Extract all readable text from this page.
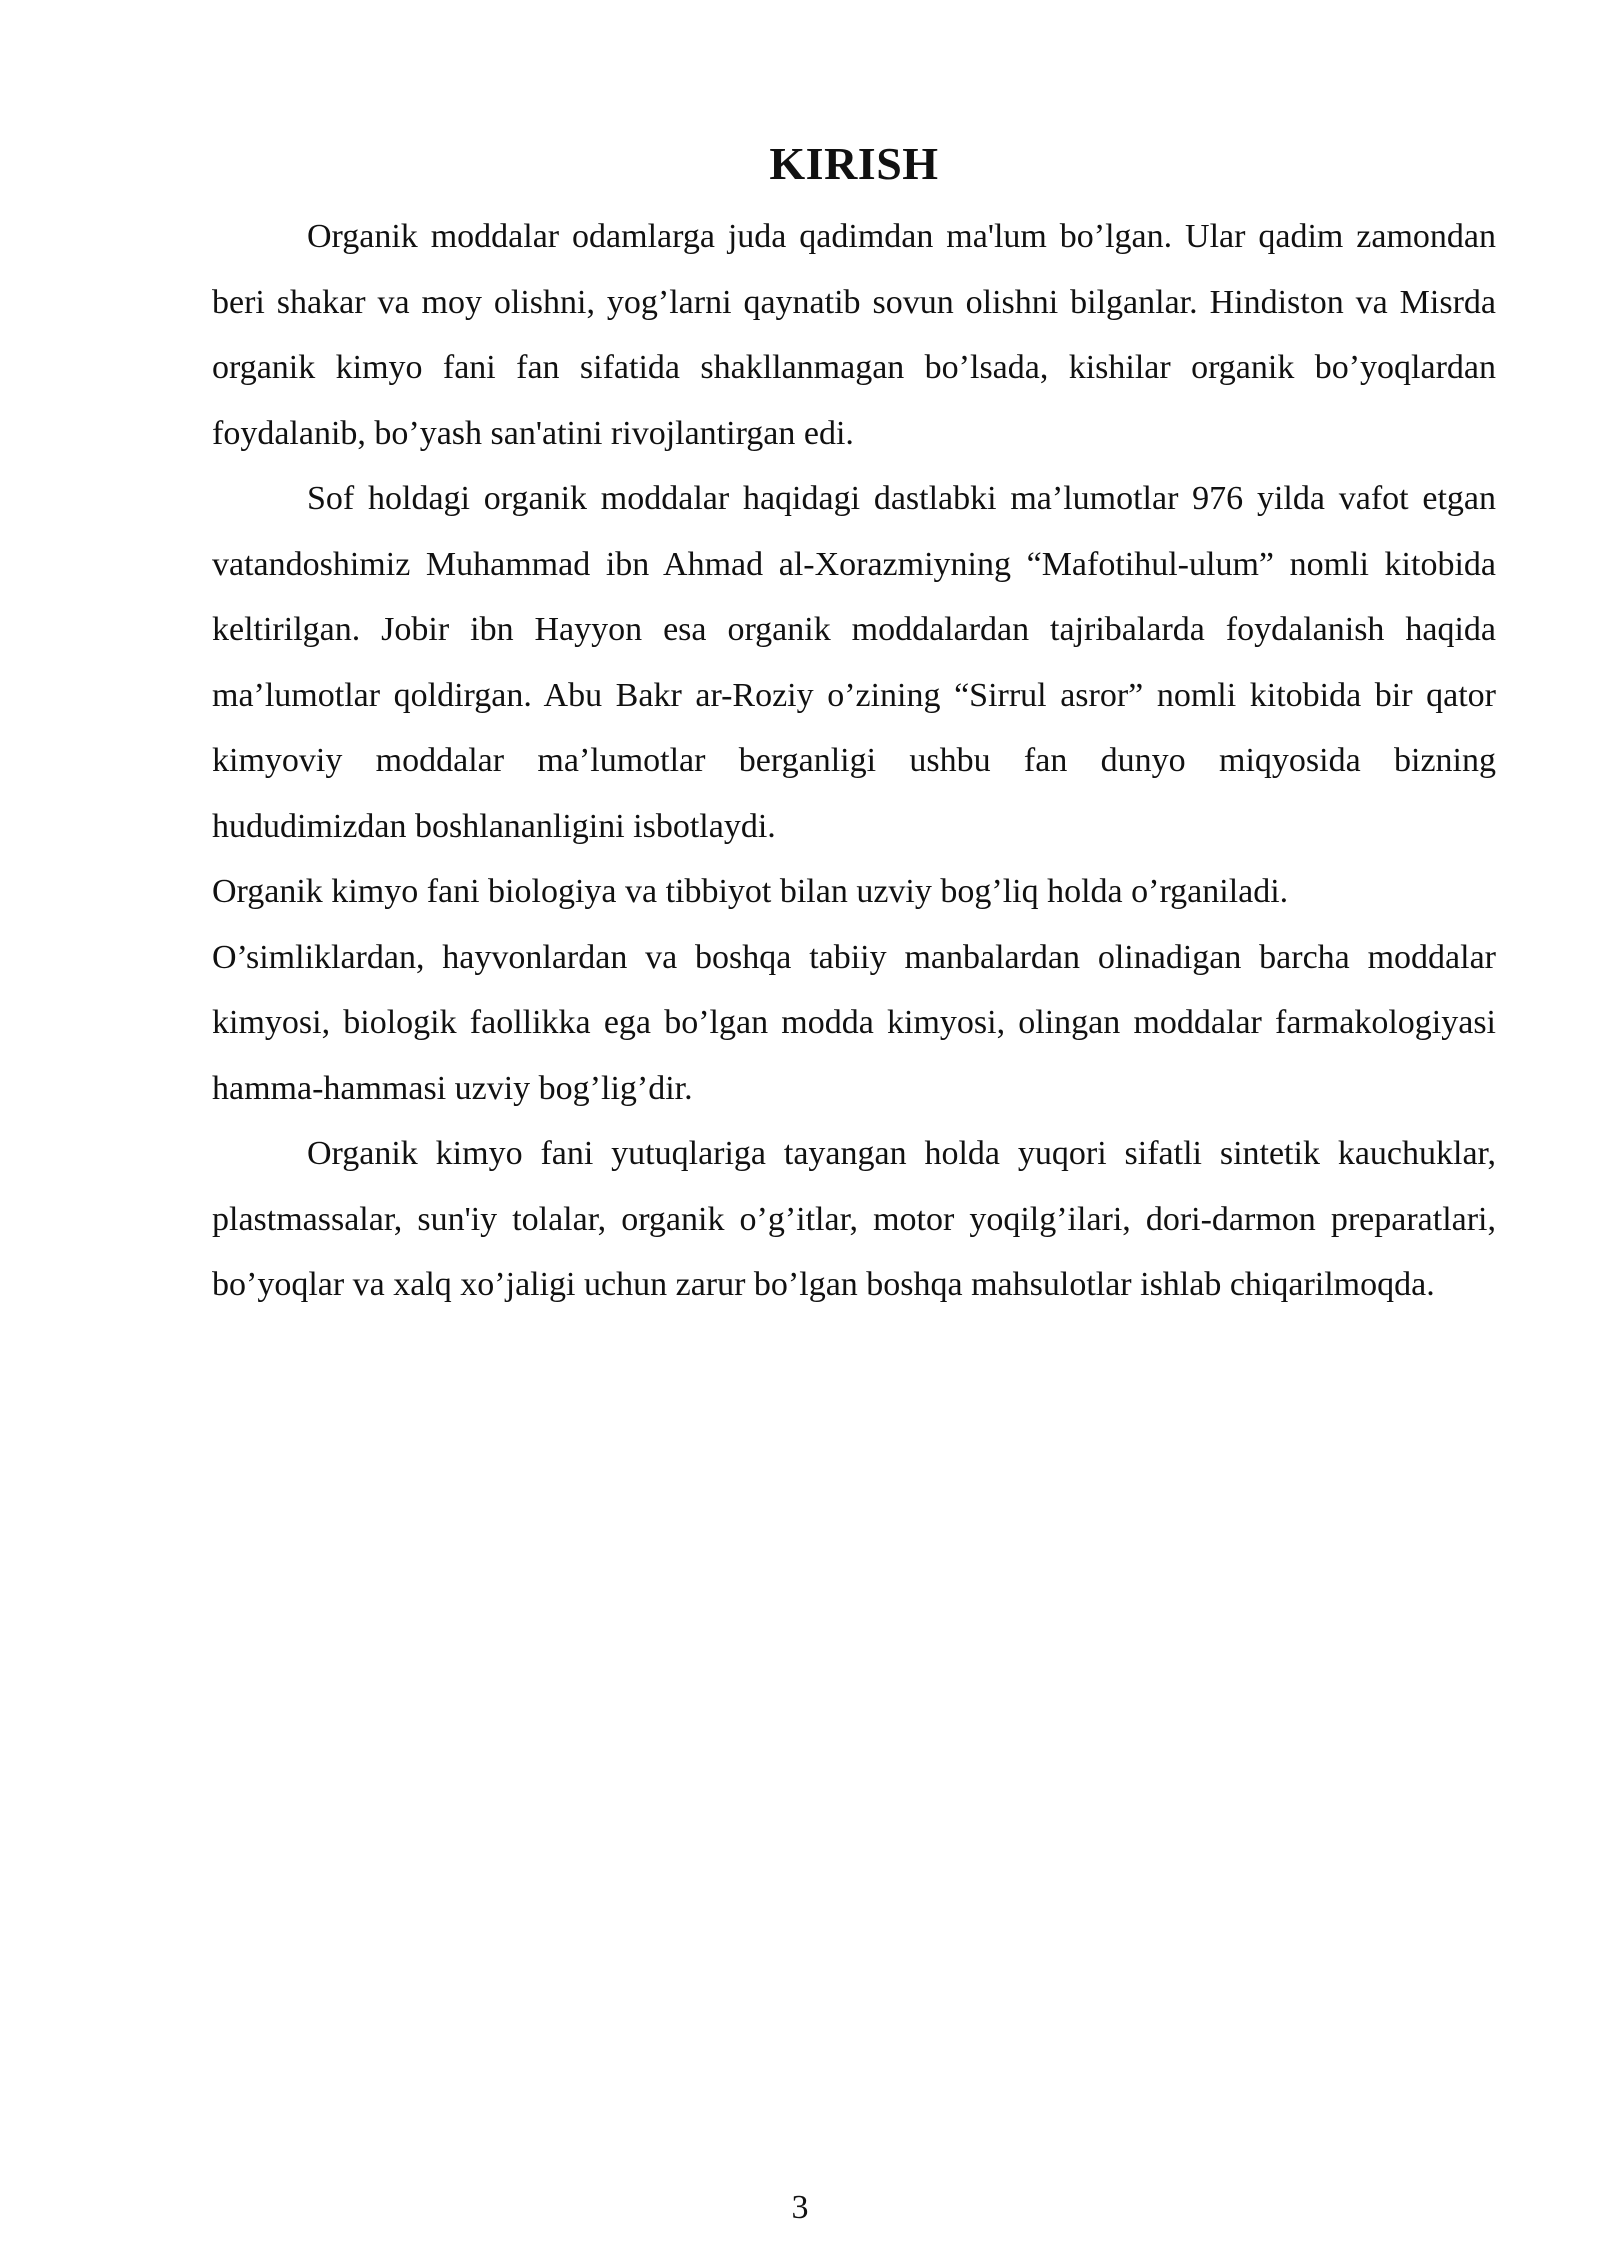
KIRISH

Organik moddalar odamlarga juda qadimdan ma'lum bo’lgan. Ular qadim zamondan beri shakar va moy olishni, yog’larni qaynatib sovun olishni bilganlar. Hindiston va Misrda organik kimyo fani fan sifatida shakllanmagan bo’lsada, kishilar organik bo’yoqlardan foydalanib, bo’yash san'atini rivojlantirgan edi.

Sof holdagi organik moddalar haqidagi dastlabki ma’lumotlar 976 yilda vafot etgan vatandoshimiz Muhammad ibn Ahmad al-Xorazmiyning “Mafotihul-ulum” nomli kitobida keltirilgan. Jobir ibn Hayyon esa organik moddalardan tajribalarda foydalanish haqida ma’lumotlar qoldirgan. Abu Bakr ar-Roziy o’zining “Sirrul asror” nomli kitobida bir qator kimyoviy moddalar ma’lumotlar berganligi ushbu fan dunyo miqyosida bizning hududimizdan boshlananligini isbotlaydi.

Organik kimyo fani biologiya va tibbiyot bilan uzviy bog’liq holda o’rganiladi.

O’simliklardan, hayvonlardan va boshqa tabiiy manbalardan olinadigan barcha moddalar kimyosi, biologik faollikka ega bo’lgan modda kimyosi, olingan moddalar farmakologiyasi hamma-hammasi uzviy bog’lig’dir.

Organik kimyo fani yutuqlariga tayangan holda yuqori sifatli sintetik kauchuklar, plastmassalar, sun'iy tolalar, organik o’g’itlar, motor yoqilg’ilari, dori-darmon preparatlari, bo’yoqlar va xalq xo’jaligi uchun zarur bo’lgan boshqa mahsulotlar ishlab chiqarilmoqda.

3
